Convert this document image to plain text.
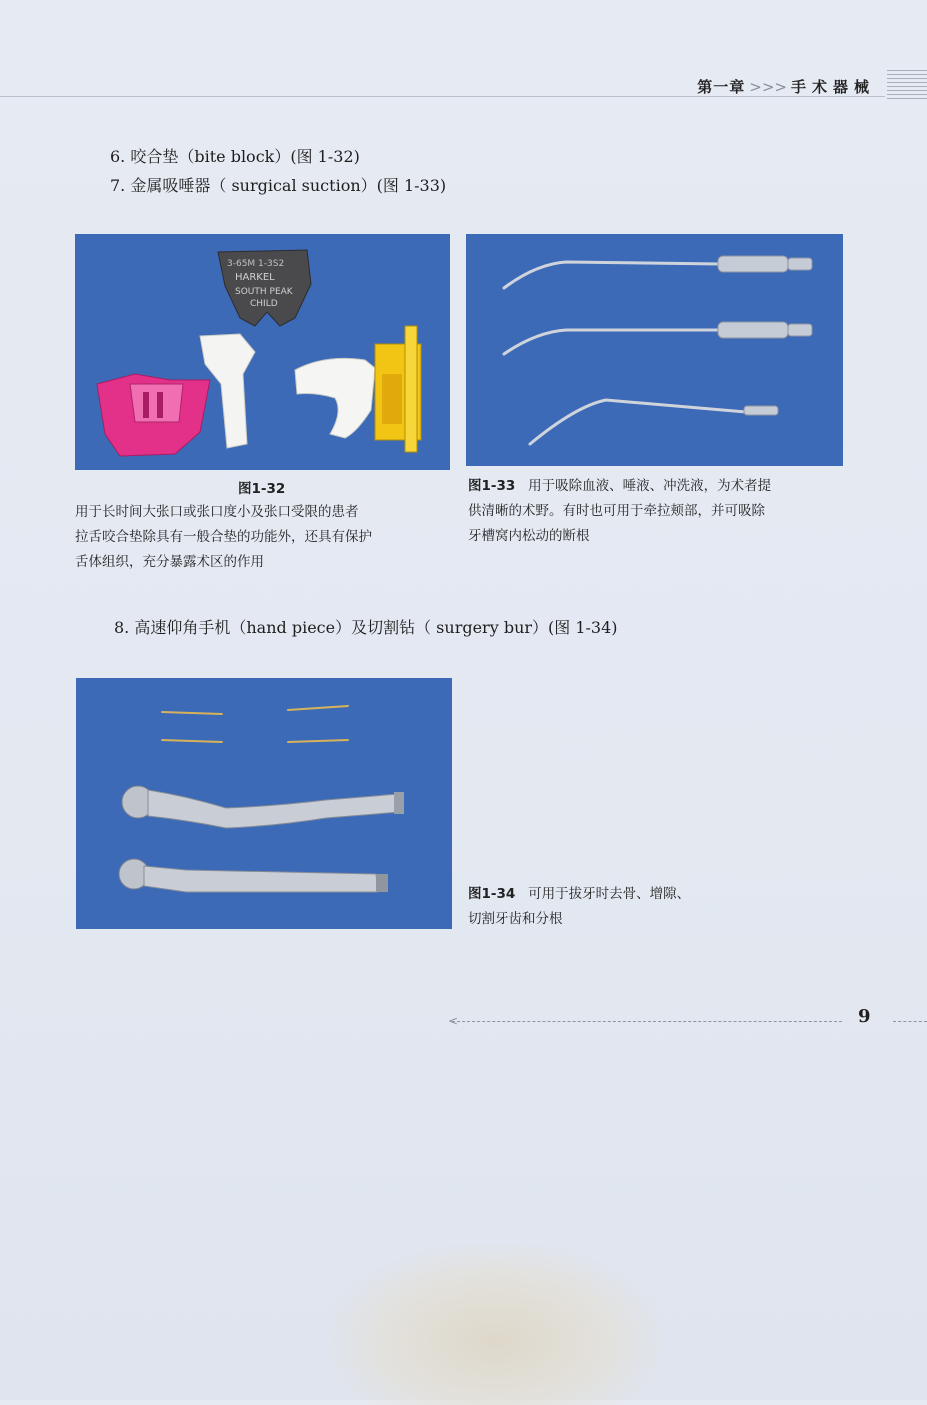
第一章 >>> 手术器械
6. 咬合垫（bite block）(图 1-32)
7. 金属吸唾器（ surgical suction）(图 1-33)
3-65M 1-3S2
HARKEL
SOUTH PEAK
CHILD
图1-32
用于长时间大张口或张口度小及张口受限的患者
拉舌咬合垫除具有一般合垫的功能外，还具有保护
舌体组织，充分暴露术区的作用
图1-33 用于吸除血液、唾液、冲洗液，为术者提
供清晰的术野。有时也可用于牵拉颊部，并可吸除
牙槽窝内松动的断根
8. 高速仰角手机（hand piece）及切割钻（ surgery bur）(图 1-34)
图1-34 可用于拔牙时去骨、增隙、
切割牙齿和分根
<	9
